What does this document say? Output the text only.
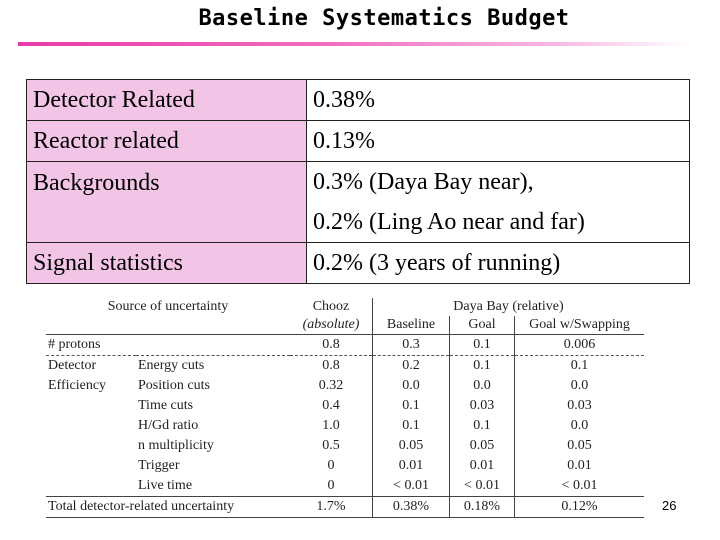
Baseline Systematics Budget
Detector Related	0.38%
Reactor related	0.13%
Backgrounds	0.3% (Daya Bay near),
0.2% (Ling Ao near and far)

Signal statistics	0.2% (3 years of running)
Source of uncertainty		Chooz	Daya Bay (relative)		
		(absolute)	Baseline	Goal	Goal w/Swapping
# protons		0.8	0.3	0.1	0.006
Detector	Energy cuts	0.8	0.2	0.1	0.1
Efficiency	Position cuts	0.32	0.0	0.0	0.0
	Time cuts	0.4	0.1	0.03	0.03
	H/Gd ratio	1.0	0.1	0.1	0.0
	n multiplicity	0.5	0.05	0.05	0.05
	Trigger	0	0.01	0.01	0.01
	Live time	0	< 0.01	< 0.01	< 0.01
Total detector-related uncertainty		1.7%	0.38%	0.18%	0.12%	26
